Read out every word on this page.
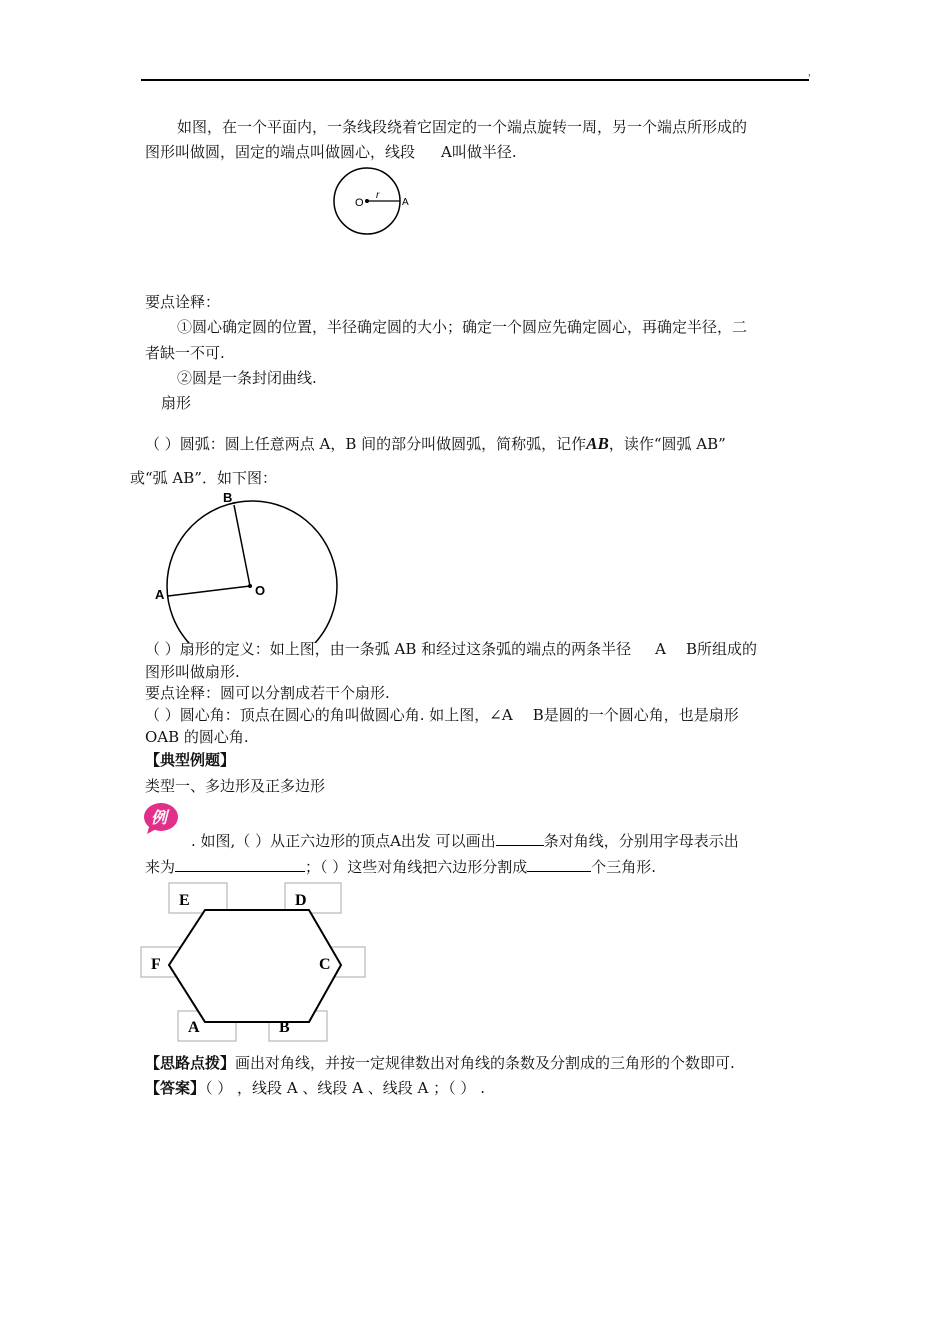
'
如图，在一个平面内，一条线段绕着它固定的一个端点旋转一周，另一个端点所形成的
图形叫做圆，固定的端点叫做圆心，线段 A叫做半径.
O
r
A
要点诠释：
①圆心确定圆的位置，半径确定圆的大小；确定一个圆应先确定圆心，再确定半径，二
者缺一不可.
②圆是一条封闭曲线.
扇形
（ ）圆弧：圆上任意两点 A，B 间的部分叫做圆弧，简称弧，记作AB，读作“圆弧 AB”
或“弧 AB”．如下图：
B
A	O
（ ）扇形的定义：如上图，由一条弧 AB 和经过这条弧的端点的两条半径 A B所组成的
图形叫做扇形.
要点诠释：圆可以分割成若干个扇形.
（ ）圆心角：顶点在圆心的角叫做圆心角. 如上图，∠A B是圆的一个圆心角，也是扇形
OAB 的圆心角.
【典型例题】
类型一、多边形及正多边形
例
. 如图,（ ）从正六边形的顶点A出发 可以画出	条对角线，分别用字母表示出
来为	；（ ）这些对角线把六边形分割成	个三角形.
E	D
F	C
A	B
【思路点拨】画出对角线，并按一定规律数出对角线的条数及分割成的三角形的个数即可.
【答案】（ ） ，线段 A 、线段 A 、线段 A ；（ ） .
